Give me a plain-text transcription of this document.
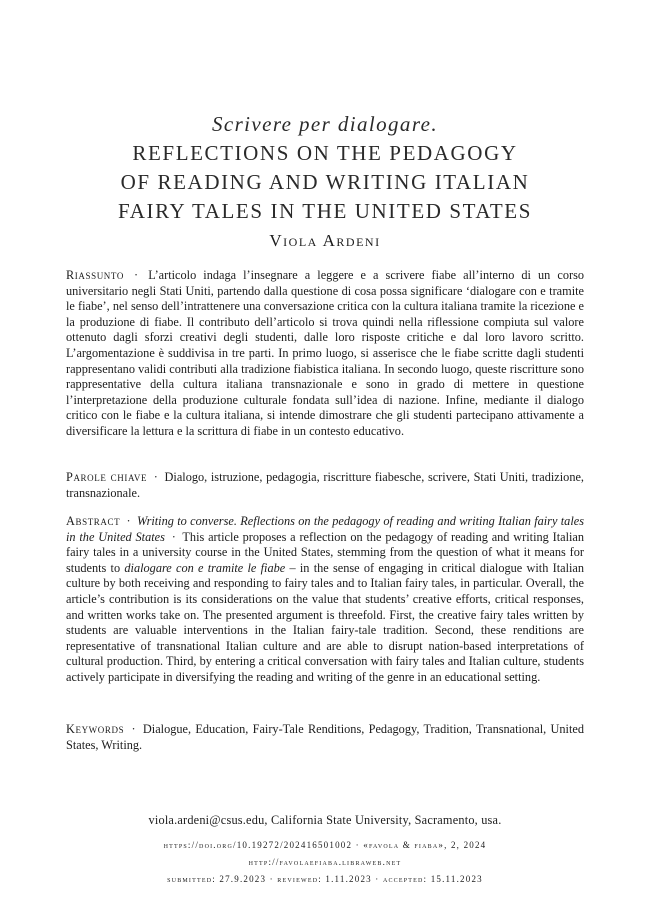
Scrivere per dialogare.
REFLECTIONS ON THE PEDAGOGY
OF READING AND WRITING ITALIAN
FAIRY TALES IN THE UNITED STATES
Viola Ardeni
Riassunto · L’articolo indaga l’insegnare a leggere e a scrivere fiabe all’interno di un corso universitario negli Stati Uniti, partendo dalla questione di cosa possa significare ‘dialogare con e tramite le fiabe’, nel senso dell’intrattenere una conversazione critica con la cultura italiana tramite la ricezione e la produzione di fiabe. Il contributo dell’articolo si trova quindi nella riflessione compiuta sul valore ottenuto dagli sforzi creativi degli studenti, dalle loro risposte critiche e dal loro lavoro scritto. L’argomentazione è suddivisa in tre parti. In primo luogo, si asserisce che le fiabe scritte dagli studenti rappresentano validi contributi alla tradizione fiabistica italiana. In secondo luogo, queste riscritture sono rappresentative della cultura italiana transnazionale e sono in grado di mettere in questione l’interpretazione della produzione culturale fondata sull’idea di nazione. Infine, mediante il dialogo critico con le fiabe e la cultura italiana, si intende dimostrare che gli studenti partecipano attivamente a diversificare la lettura e la scrittura di fiabe in un contesto educativo.
Parole chiave · Dialogo, istruzione, pedagogia, riscritture fiabesche, scrivere, Stati Uniti, tradizione, transnazionale.
Abstract · Writing to converse. Reflections on the pedagogy of reading and writing Italian fairy tales in the United States · This article proposes a reflection on the pedagogy of reading and writing Italian fairy tales in a university course in the United States, stemming from the question of what it means for students to dialogare con e tramite le fiabe – in the sense of engaging in critical dialogue with Italian culture by both receiving and responding to fairy tales and to Italian fairy tales, in particular. Overall, the article’s contribution is its considerations on the value that students’ creative efforts, critical responses, and written works take on. The presented argument is threefold. First, the creative fairy tales written by students are valuable interventions in the Italian fairy-tale tradition. Second, these renditions are representative of transnational Italian culture and are able to disrupt nation-based interpretations of cultural production. Third, by entering a critical conversation with fairy tales and Italian culture, students actively participate in diversifying the reading and writing of the genre in an educational setting.
Keywords · Dialogue, Education, Fairy-Tale Renditions, Pedagogy, Tradition, Transnational, United States, Writing.
viola.ardeni@csus.edu, California State University, Sacramento, usa.
https://doi.org/10.19272/202416501002 · «favola & fiaba», 2, 2024
http://favolaefiaba.libraweb.net
submitted: 27.9.2023 · reviewed: 1.11.2023 · accepted: 15.11.2023
